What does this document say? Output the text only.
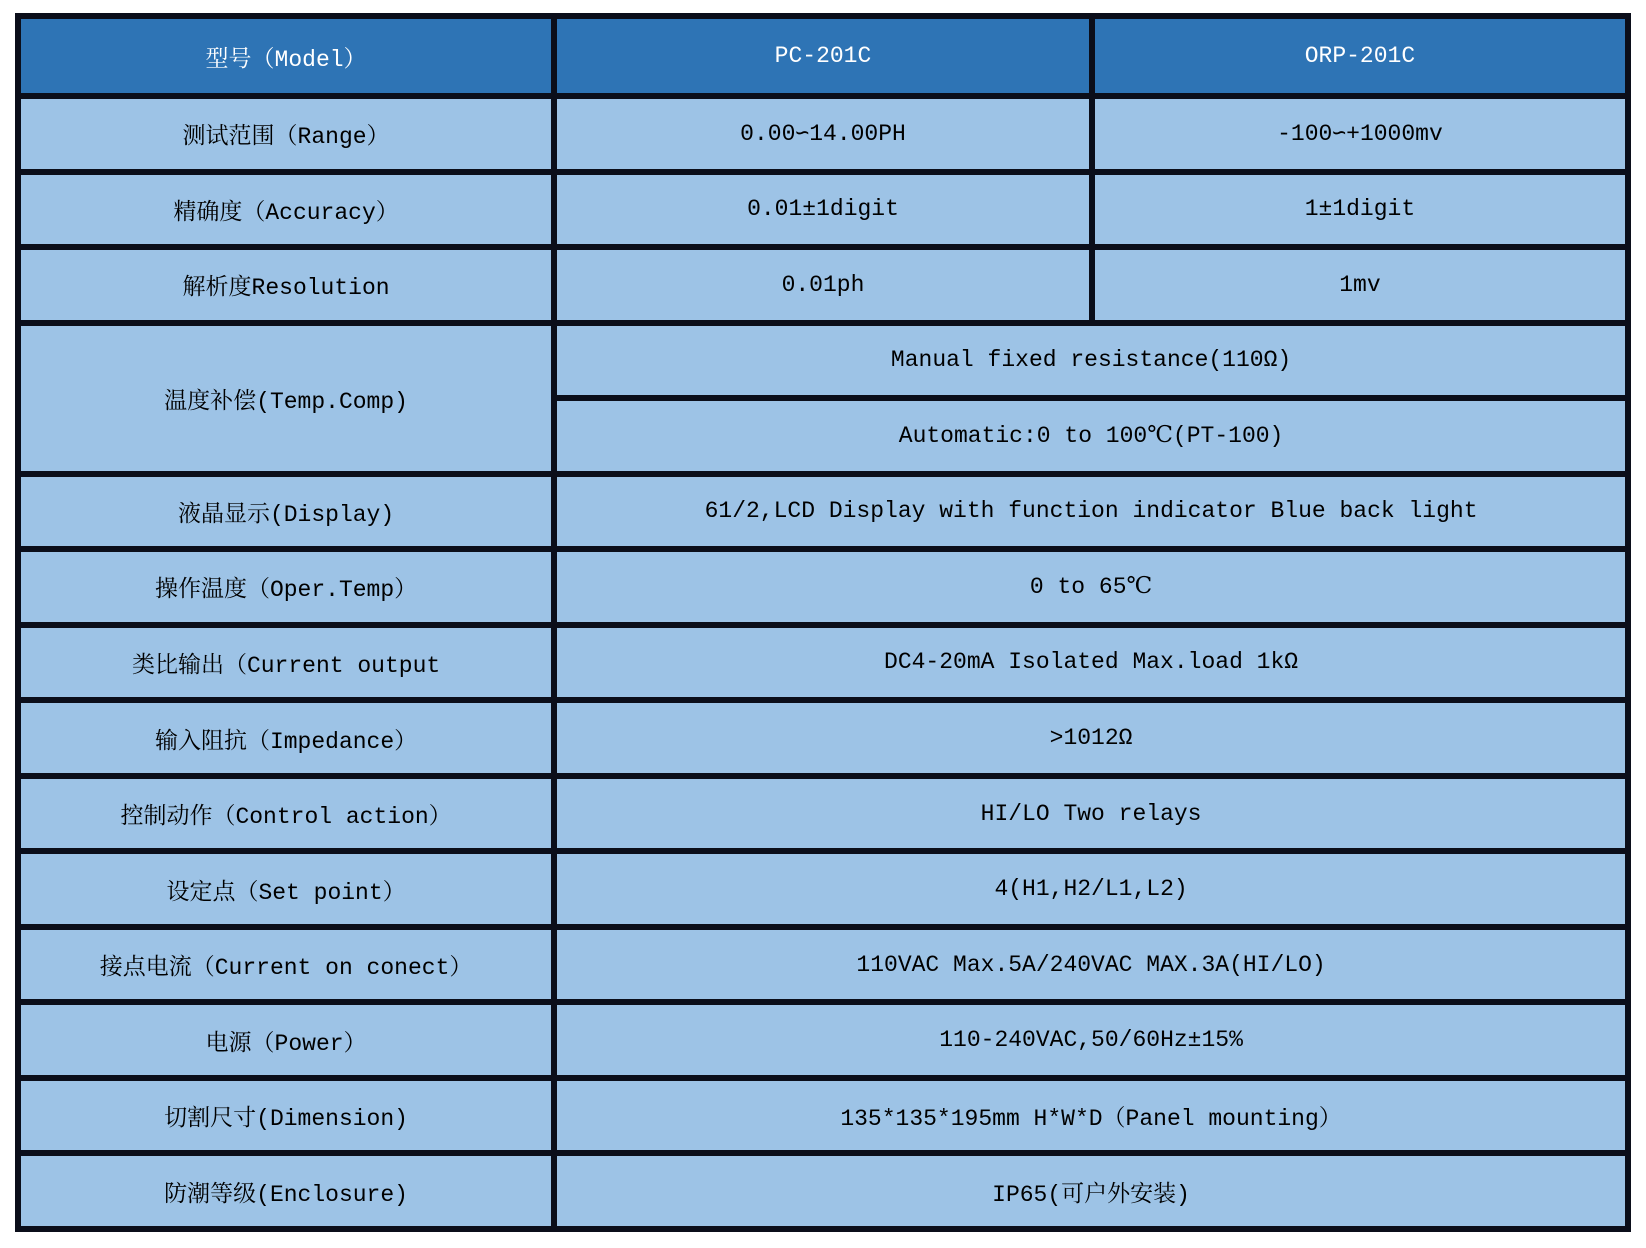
型号（Model）	PC-201C	ORP-201C
测试范围（Range）	0.00∽14.00PH	-100∽+1000mv
精确度（Accuracy）	0.01±1digit	1±1digit
解析度Resolution	0.01ph	1mv
温度补偿(Temp.Comp)	Manual fixed resistance(110Ω)	
	Automatic:0 to 100℃(PT-100)	
液晶显示(Display)	61/2,LCD Display with function indicator Blue back light	
操作温度（Oper.Temp）	0 to 65℃	
类比输出（Current output	DC4-20mA Isolated Max.load 1kΩ	
输入阻抗（Impedance）	>1012Ω	
控制动作（Control action）	HI/LO Two relays	
设定点（Set point）	4(H1,H2/L1,L2)	
接点电流（Current on conect）	110VAC Max.5A/240VAC MAX.3A(HI/LO)	
电源（Power）	110-240VAC,50/60Hz±15%	
切割尺寸(Dimension)	135*135*195mm H*W*D（Panel mounting）	
防潮等级(Enclosure)	IP65(可户外安装)	
